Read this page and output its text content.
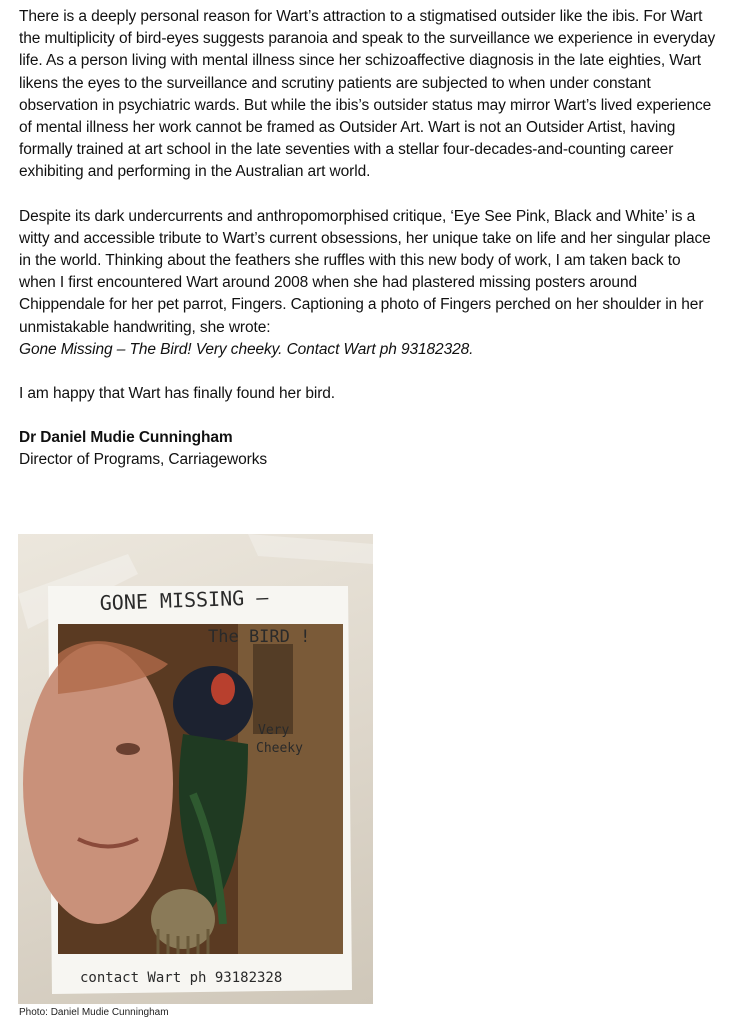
There is a deeply personal reason for Wart’s attraction to a stigmatised outsider like the ibis. For Wart the multiplicity of bird-eyes suggests paranoia and speak to the surveillance we experience in everyday life. As a person living with mental illness since her schizoaffective diagnosis in the late eighties, Wart likens the eyes to the surveillance and scrutiny patients are subjected to when under constant observation in psychiatric wards. But while the ibis’s outsider status may mirror Wart’s lived experience of mental illness her work cannot be framed as Outsider Art. Wart is not an Outsider Artist, having formally trained at art school in the late seventies with a stellar four-decades-and-counting career exhibiting and performing in the Australian art world.

Despite its dark undercurrents and anthropomorphised critique, ‘Eye See Pink, Black and White’ is a witty and accessible tribute to Wart’s current obsessions, her unique take on life and her singular place in the world. Thinking about the feathers she ruffles with this new body of work, I am taken back to when I first encountered Wart around 2008 when she had plastered missing posters around Chippendale for her pet parrot, Fingers. Captioning a photo of Fingers perched on her shoulder in her unmistakable handwriting, she wrote:

Gone Missing – The Bird! Very cheeky. Contact Wart ph 93182328.

I am happy that Wart has finally found her bird.

Dr Daniel Mudie Cunningham
Director of Programs, Carriageworks
GONE MISSING –
The BIRD !
Very
Cheeky
contact Wart ph 93182328
Photo: Daniel Mudie Cunningham
